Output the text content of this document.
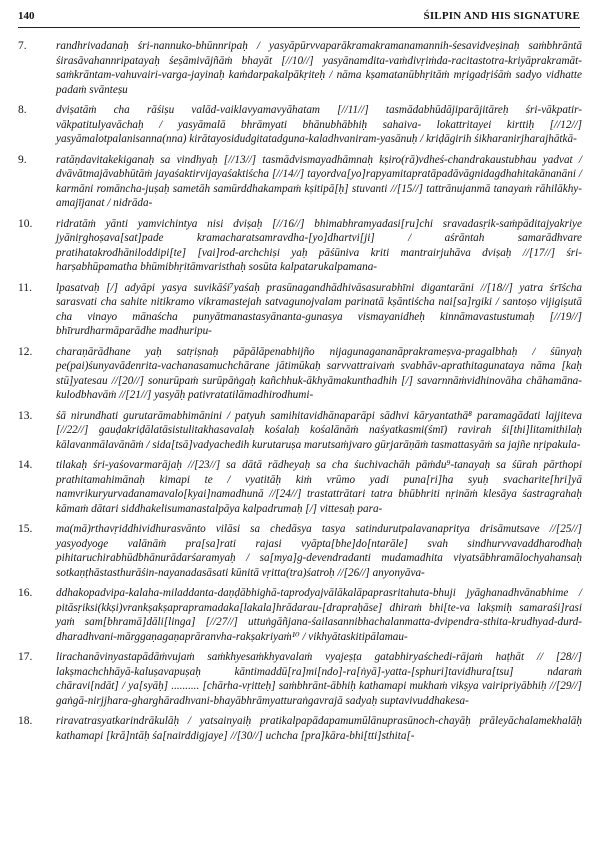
140	ŚILPIN AND HIS SIGNATURE
7.	randhrivadanaḥ śri-nannuko-bhūnnripaḥ / yasyāpūrvvaparākramakramanamannih-śesavidveṣinaḥ saṁbhrāntā śirasāvahannripatayaḥ śeṣāmivājñāṁ bhayāt [//10//] yasyānamdita-vaṁdivṛiṁda-racitastotra-kriyāprakramāt-saṁkrāntam-vahuvairi-varga-jayinaḥ kaṁdarpakalpākṛiteḥ / nāma kṣamatanūbhṛitāṁ mṛigadṛiśāṁ sadyo vidhatte padaṁ svānteṣu
8.	dviṣatāṁ cha rāśiṣu valād-vaiklavyamavyāhatam [//11//] tasmādabhūdājiparājitāreḥ śri-vākpatir-vākpatitulyavāchaḥ / yasyāmalā bhrāmyati bhānubhābhiḥ sahaiva- lokattritayei kirttiḥ [//12//] yasyāmalotpalanisanna(nna) kirātayosidudgitatadguna-kaladhvaniram-yasānuḥ / kriḍāgirih śikharanirjharajhātkā-
9.	ratāṇdavitakekiganaḥ sa vindhyaḥ [//13//] tasmādvismayadhāmnaḥ kṣiro(rā)vdheś-chandrakaustubhau yadvat / dvāvātmajāvabhūtāṁ jayaśaktirvijayaśaktiścha [//14//] tayordva[yo]rapyamitapratāpadāvāgnidagdhahitakānanāni / karmāni romāncha-juṣaḥ sametāh samūrddhakampaṁ kṣitipā[ḥ] stuvanti //[15//] tattrānujanmā tanayaṁ rāhilākhy-amajījanat / nidrāda-
10.	ridratāṁ yānti yamvichintya nisi dviṣaḥ [//16//] bhimabhramyadasi[ru]chi sravadasṛik-saṁpāditajyakriye jyāniṛghoṣava[sat]pade kramacharatsamravdha-[yo]dhartvi[ji] / aśrāntah samarādhvare pratihatakrodhāniloddipi[te] [vai]rod-archchiṣi yaḥ pāśūniva kriti mantrairjuhāva dviṣaḥ //[17//] śri-harṣabhūpamatha bhūmibhṛitāmvaristhaḥ sosūta kalpatarukalpamana-
11.	lpasatvaḥ [/] adyāpi yasya suvikāśi⁷yaśaḥ prasūnagandhādhivāsasurabhīni digantarāni //[18//] yatra śrīścha sarasvati cha sahite nitikramo vikramastejah satvagunojvalam parinatā kṣāntiścha nai[sa]rgiki / santoṣo vijigiṣutā cha vinayo mānaścha punyātmanastasyānanta-gunasya vismayanidheḥ kinnāmavastustumaḥ [//19//] bhīrurdharmāparādhe madhuripu-
12.	charaṇārādhane yaḥ satṛiṣnaḥ pāpālāpenabhijño nijagunagananāprakrameṣva-pragalbhaḥ / śūnyaḥ pe(pai)śunyavādenrita-vachanasamuchchārane jātimūkaḥ sarvvattraivaṁ svabhāv-aprathitagunataya nāma [kaḥ stū]yatesau //[20//] sonurūpaṁ surūpāṅgaḥ kañchhuk-ākhyāmakunthadhih [/] savarnnāṁvidhinovāha chāhamāna-kulodbhavāṁ //[21//] yasyāḥ pativratatilāmadhirodhumi-
13.	śā nirundhati gurutarāmabhimānini / patyuh samihitavidhānaparāpi sādhvi kāryantathā⁸ paramagādati lajjiteva [//22//] gauḍakriḍālatāsistulitakhasavalaḥ kośalaḥ kośalānāṁ naśyatkasmi(śmī) ravirah śi[thi]litamithilaḥ kālavanmālavānāṁ / sida[tsā]vadyachedih kurutaruṣa marutsaṁjvaro gūrjarāṇāṁ tasmattasyāṁ sa jajñe nṛipakula-
14.	tilakaḥ śri-yaśovarmarājaḥ //[23//] sa dātā rādheyaḥ sa cha śuchivachāh pāṁdu⁹-tanayaḥ sa śūrah pārthopi prathitamahimānaḥ kimapi te / vyatitāḥ kiṁ vrūmo yadi puna[ri]ha syuḥ svacharite[hri]yā namvrikuryurvadanamavalo[kyai]namadhunā //[24//] trastattrātari tatra bhūbhriti nṛināṁ klesāya śastragrahaḥ kāmaṁ dātari siddhakelisumanastalpāya kalpadrumaḥ [/] vittesaḥ para-
15.	ma(mā)rthavṛiddhividhurasvānto vilāsi sa chedāsya tasya satindurutpalavanapritya drisāmutsave //[25//] yasyodyoge valānāṁ pra[sa]rati rajasi vyāpta[bhe]do[ntarāle] svah sindhurvvavaddharodhaḥ pihitaruchirabhūdbhānurādarśaramyaḥ / sa[mya]g-devendradanti mudamadhita viyatsābhramālochyahansaḥ sotkaṇṭhāstasthurāśin-nayanadasāsati kūnitā vṛitta(tra)śatroḥ //[26//] anyonyāva-
16.	ddhakopadvipa-kalaha-miladdanta-daṇḍābhighā-taprodyajvālākalāpaprasritahuta-bhuji jyāghanadhvānabhime / pitāsṛiksi(kkṣi)vrankṣakṣaprapramadaka[lakala]hrādarau-[drapraḥāse] dhiraṁ bhi[te-va lakṣmiḥ samaraśi]rasi yaṁ sam[bhramā]dāli[linga] [//27//] uttuṅgāñjana-śailasannibhachalanmatta-dvipendra-sthita-krudhyad-durd-dharadhvani-mārggaṇagaṇaprāranvha-rakṣakriyaṁ¹⁰ / vikhyātaskitipālamau-
17.	lirachanāvinyastapādāṁvujaṁ saṁkhyesaṁkhyavalaṁ vyajeṣṭa gatabhiryaśchedi-rājaṁ haṭhāt // [28//] lakṣmachchhāyā-kaluṣavapuṣaḥ kāntimaddū[ra]mi[ndo]-ra[ṅyā]-yatta-[sphuri]tavidhura[tsu] ndaraṁ chāravi[ndāt] / ya[syāḥ] .......... [chārha-vṛitteḥ] saṁbhrānt-ābhiḥ kathamapi mukhaṁ vikṣya vairipriyābhiḥ //[29//] gaṅgā-nirjjhara-gharghāradhvani-bhayābhrāmyatturaṅgavrajā sadyaḥ suptavivuddhakesa-
18.	riravatrasyatkarindrākulāḥ / yatsainyaiḥ pratikalpapādapamumūlānuprasūnoch-chayāḥ prāleyāchalamekhalāḥ kathamapi [krā]ntāḥ śa[nairddigjaye] //[30//] uchcha [pra]kāra-bhi[tti]sthita[-
